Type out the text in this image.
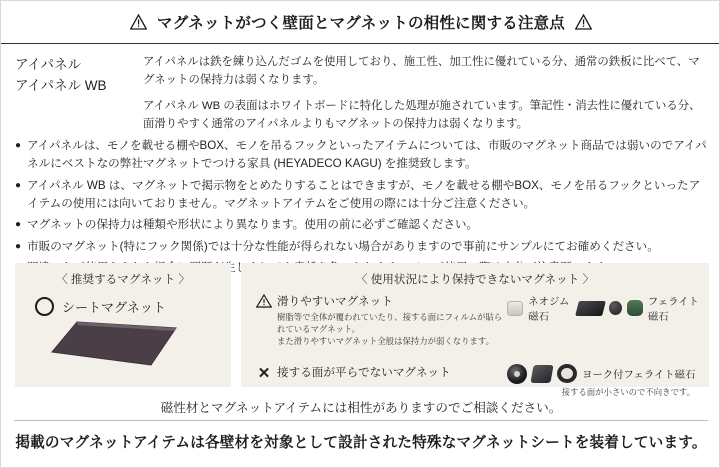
マグネットがつく壁面とマグネットの相性に関する注意点
アイパネル
アイパネル WB

アイパネルは鉄を練り込んだゴムを使用しており、施工性、加工性に優れている分、通常の鉄板に比べて、マグネットの保持力は弱くなります。

アイパネル WB の表面はホワイトボードに特化した処理が施されています。筆記性・消去性に優れている分、面滑りやすく通常のアイパネルよりもマグネットの保持力は弱くなります。

● アイパネルは、モノを載せる棚やBOX、モノを吊るフックといったアイテムについては、市販のマグネット商品では弱いのでアイパネルにベストなの弊社マグネットでつける家具 (HEYADECO KAGU) を推奨致します。
● アイパネル WB は、マグネットで掲示物をとめたりすることはできますが、モノを載せる棚やBOX、モノを吊るフックといったアイテムの使用には向いておりません。マグネットアイテムをご使用の際には十分ご注意ください。
● マグネットの保持力は種類や形状により異なります。使用の前に必ずご確認ください。
● 市販のマグネット(特にフック関係)では十分な性能が得られない場合がありますので事前にサンプルにてお確めください。
〈 推奨するマグネット 〉
シートマグネット
〈 使用状況により保持できないマグネット 〉
滑りやすいマグネット
樹脂等で全体が覆われていたり、接する面にフィルムが貼られているマグネット。
また滑りやすいマグネット全般は保持力が弱くなります。
ネオジム磁石
フェライト磁石
✕ 接する面が平らでないマグネット	ヨーク付フェライト磁石
接する面が小さいので不向きです。
磁性材とマグネットアイテムには相性がありますのでご相談ください。
掲載のマグネットアイテムは各壁材を対象として設計された特殊なマグネットシートを装着しています。
